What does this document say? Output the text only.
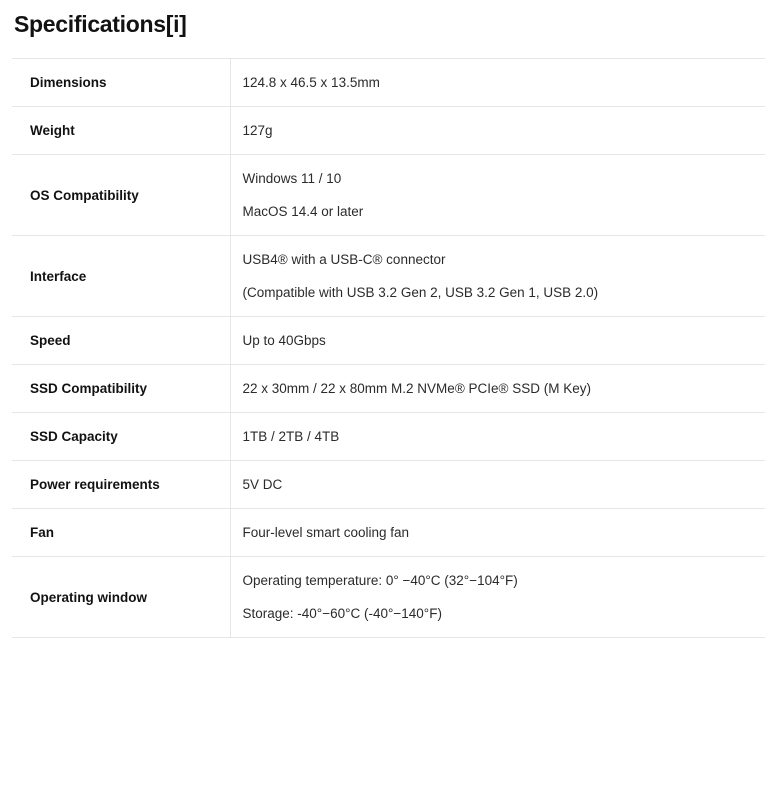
Specifications[i]
Dimensions	124.8 x 46.5 x 13.5mm

Weight	127g

OS Compatibility	Windows 11 / 10
MacOS 14.4 or later

Interface	USB4® with a USB-C® connector
(Compatible with USB 3.2 Gen 2, USB 3.2 Gen 1, USB 2.0)

Speed	Up to 40Gbps

SSD Compatibility	22 x 30mm / 22 x 80mm M.2 NVMe® PCIe® SSD (M Key)

SSD Capacity	1TB / 2TB / 4TB

Power requirements	5V DC

Fan	Four-level smart cooling fan

Operating window	Operating temperature: 0° −40°C (32°−104°F)
Storage: -40°−60°C (-40°−140°F)
